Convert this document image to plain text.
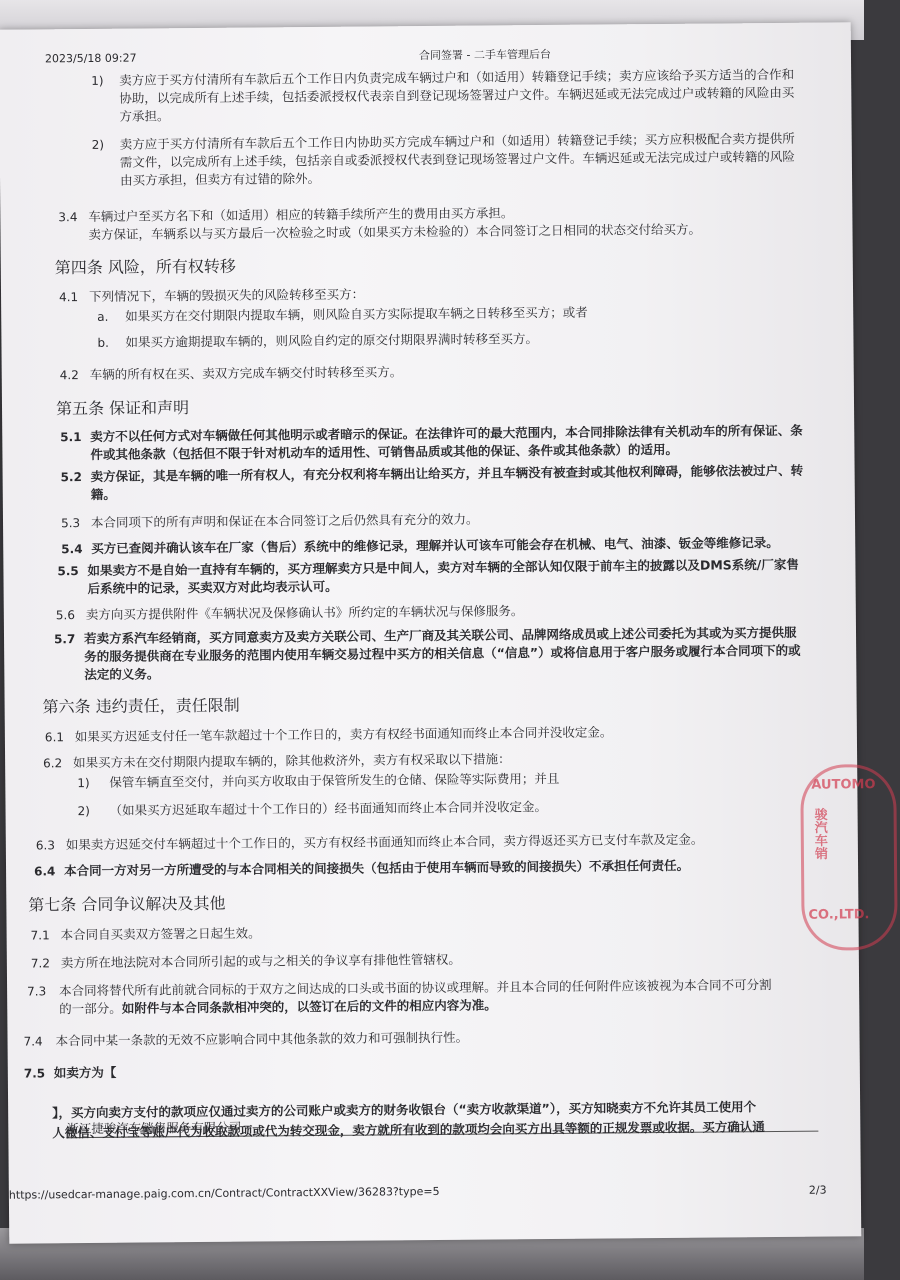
2023/5/18 09:27	合同签署 - 二手车管理后台
1) 卖方应于买方付清所有车款后五个工作日内负责完成车辆过户和（如适用）转籍登记手续；卖方应该给予买方适当的合作和
协助，以完成所有上述手续，包括委派授权代表亲自到登记现场签署过户文件。车辆迟延或无法完成过户或转籍的风险由买
方承担。
2) 卖方应于买方付清所有车款后五个工作日内协助买方完成车辆过户和（如适用）转籍登记手续；买方应积极配合卖方提供所
需文件，以完成所有上述手续，包括亲自或委派授权代表到登记现场签署过户文件。车辆迟延或无法完成过户或转籍的风险
由买方承担，但卖方有过错的除外。
3.4 车辆过户至买方名下和（如适用）相应的转籍手续所产生的费用由买方承担。
卖方保证，车辆系以与买方最后一次检验之时或（如果买方未检验的）本合同签订之日相同的状态交付给买方。
第四条 风险，所有权转移
4.1 下列情况下，车辆的毁损灭失的风险转移至买方：
a. 如果买方在交付期限内提取车辆，则风险自买方实际提取车辆之日转移至买方；或者
b. 如果买方逾期提取车辆的，则风险自约定的原交付期限界满时转移至买方。
4.2 车辆的所有权在买、卖双方完成车辆交付时转移至买方。
第五条 保证和声明
5.1 卖方不以任何方式对车辆做任何其他明示或者暗示的保证。在法律许可的最大范围内，本合同排除法律有关机动车的所有保证、条
件或其他条款（包括但不限于针对机动车的适用性、可销售品质或其他的保证、条件或其他条款）的适用。
5.2 卖方保证，其是车辆的唯一所有权人，有充分权利将车辆出让给买方，并且车辆没有被查封或其他权利障碍，能够依法被过户、转
籍。
5.3 本合同项下的所有声明和保证在本合同签订之后仍然具有充分的效力。
5.4 买方已查阅并确认该车在厂家（售后）系统中的维修记录，理解并认可该车可能会存在机械、电气、油漆、钣金等维修记录。
5.5 如果卖方不是自始一直持有车辆的，买方理解卖方只是中间人，卖方对车辆的全部认知仅限于前车主的披露以及DMS系统/厂家售
后系统中的记录，买卖双方对此均表示认可。
5.6 卖方向买方提供附件《车辆状况及保修确认书》所约定的车辆状况与保修服务。
5.7 若卖方系汽车经销商，买方同意卖方及卖方关联公司、生产厂商及其关联公司、品牌网络成员或上述公司委托为其或为买方提供服
务的服务提供商在专业服务的范围内使用车辆交易过程中买方的相关信息（“信息”）或将信息用于客户服务或履行本合同项下的或
法定的义务。
第六条 违约责任，责任限制
6.1 如果买方迟延支付任一笔车款超过十个工作日的，卖方有权经书面通知而终止本合同并没收定金。
6.2 如果买方未在交付期限内提取车辆的，除其他救济外，卖方有权采取以下措施：
1) 保管车辆直至交付，并向买方收取由于保管所发生的仓储、保险等实际费用；并且
2) （如果买方迟延取车超过十个工作日的）经书面通知而终止本合同并没收定金。
6.3 如果卖方迟延交付车辆超过十个工作日的，买方有权经书面通知而终止本合同，卖方得返还买方已支付车款及定金。
6.4 本合同一方对另一方所遭受的与本合同相关的间接损失（包括由于使用车辆而导致的间接损失）不承担任何责任。
第七条 合同争议解决及其他
7.1 本合同自买卖双方签署之日起生效。
7.2 卖方所在地法院对本合同所引起的或与之相关的争议享有排他性管辖权。
7.3 本合同将替代所有此前就合同标的于双方之间达成的口头或书面的协议或理解。并且本合同的任何附件应该被视为本合同不可分割
的一部分。如附件与本合同条款相冲突的，以签订在后的文件的相应内容为准。
7.4 本合同中某一条款的无效不应影响合同中其他条款的效力和可强制执行性。
7.5 如卖方为【
浙江捷骏汽车销售服务有限公司
】，买方向卖方支付的款项应仅通过卖方的公司账户或卖方的财务收银台（“卖方收款渠道”），买方知晓卖方不允许其员工使用个
人微信、支付宝等账户代为收取款项或代为转交现金，卖方就所有收到的款项均会向买方出具等额的正规发票或收据。买方确认通
https://usedcar-manage.paig.com.cn/Contract/ContractXXView/36283?type=5	2/3
AUTOMO
骏汽车销
CO.,LTD.
